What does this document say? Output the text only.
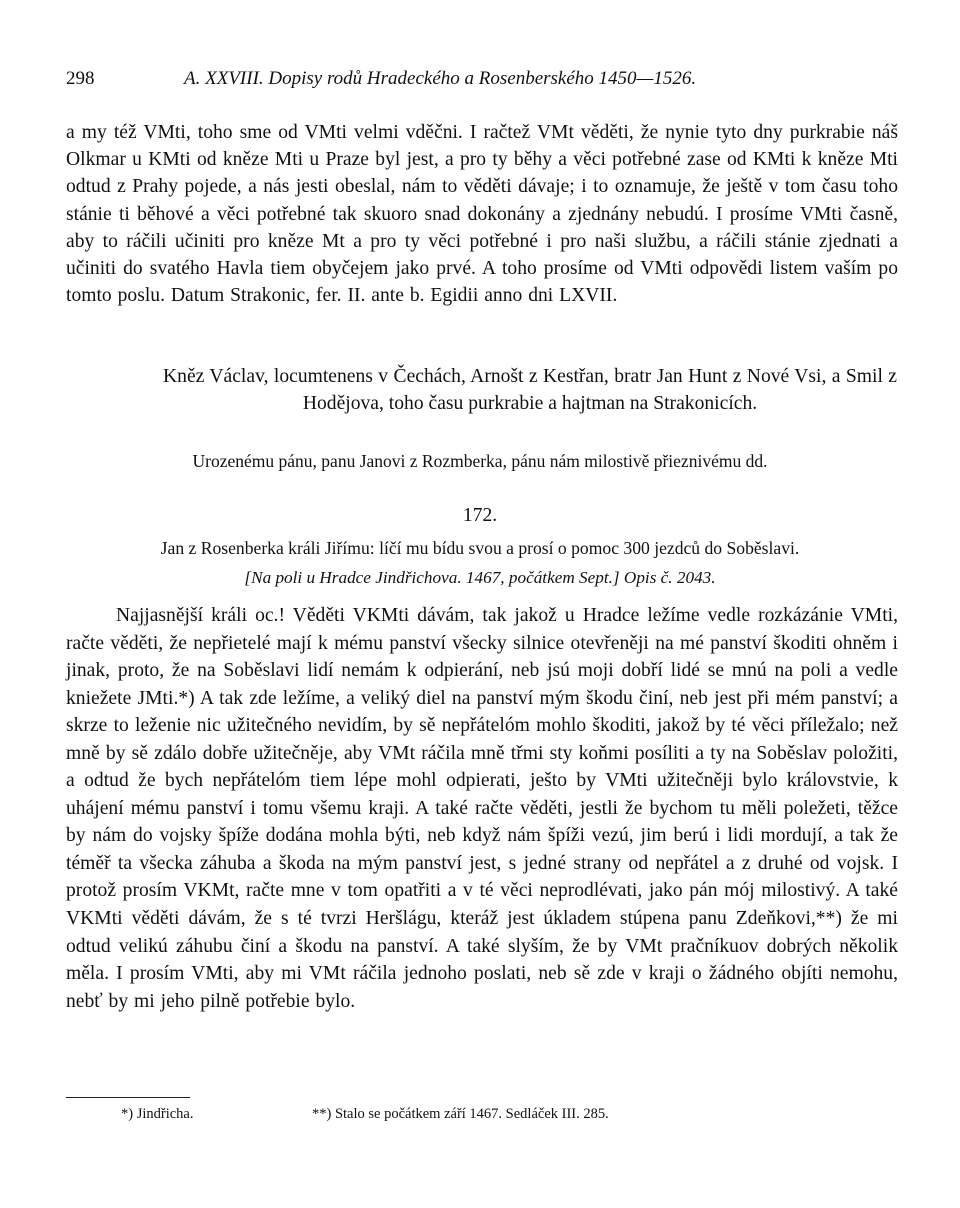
298	A. XXVIII. Dopisy rodů Hradeckého a Rosenberského 1450—1526.

a my též VMti, toho sme od VMti velmi vděčni. I račtež VMt věděti, že nynie tyto dny purkrabie náš Olkmar u KMti od kněze Mti u Praze byl jest, a pro ty běhy a věci potřebné zase od KMti k kněze Mti odtud z Prahy pojede, a nás jesti obeslal, nám to věděti dávaje; i to oznamuje, že ještě v tom času toho stánie ti běhové a věci potřebné tak skuoro snad dokonány a zjednány nebudú. I prosíme VMti časně, aby to ráčili učiniti pro kněze Mt a pro ty věci potřebné i pro naši službu, a ráčili stánie zjednati a učiniti do svatého Havla tiem obyčejem jako prvé. A toho prosíme od VMti odpovědi listem vaším po tomto poslu. Datum Strakonic, fer. II. ante b. Egidii anno dni LXVII.

Kněz Václav, locumtenens v Čechách, Arnošt z Kestřan, bratr Jan Hunt z Nové Vsi, a Smil z Hodějova, toho času purkrabie a hajtman na Strakonicích.
Urozenému pánu, panu Janovi z Rozmberka, pánu nám milostivě přieznivému dd.
172.
Jan z Rosenberka králi Jiřímu: líčí mu bídu svou a prosí o pomoc 300 jezdců do Soběslavi.
[Na poli u Hradce Jindřichova. 1467, počátkem Sept.] Opis č. 2043.

Najjasnější králi oc.! Věděti VKMti dávám, tak jakož u Hradce ležíme vedle rozkázánie VMti, račte věděti, že nepřietelé mají k mému panství všecky silnice otevřeněji na mé panství škoditi ohněm i jinak, proto, že na Soběslavi lidí nemám k odpierání, neb jsú moji dobří lidé se mnú na poli a vedle kniežete JMti.*) A tak zde ležíme, a veliký diel na panství mým škodu činí, neb jest při mém panství; a skrze to leženie nic užitečného nevidím, by sě nepřátelóm mohlo škoditi, jakož by té věci příležalo; než mně by sě zdálo dobře užitečněje, aby VMt ráčila mně třmi sty koňmi posíliti a ty na Soběslav položiti, a odtud že bych nepřátelóm tiem lépe mohl odpierati, ješto by VMti užitečněji bylo královstvie, k uhájení mému panství i tomu všemu kraji. A také račte věděti, jestli že bychom tu měli poležeti, těžce by nám do vojsky špíže dodána mohla býti, neb když nám špíži vezú, jim berú i lidi mordují, a tak že téměř ta všecka záhuba a škoda na mým panství jest, s jedné strany od nepřátel a z druhé od vojsk. I protož prosím VKMt, račte mne v tom opatřiti a v té věci neprodlévati, jako pán mój milostivý. A také VKMti věděti dávám, že s té tvrzi Heršlágu, kteráž jest úkladem stúpena panu Zdeňkovi,**) že mi odtud velikú záhubu činí a škodu na panství. A také slyším, že by VMt pračníkuov dobrých několik měla. I prosím VMti, aby mi VMt ráčila jednoho poslati, neb sě zde v kraji o žádného objíti nemohu, nebť by mi jeho pilně potřebie bylo.

*) Jindřicha.	**) Stalo se počátkem září 1467. Sedláček III. 285.
